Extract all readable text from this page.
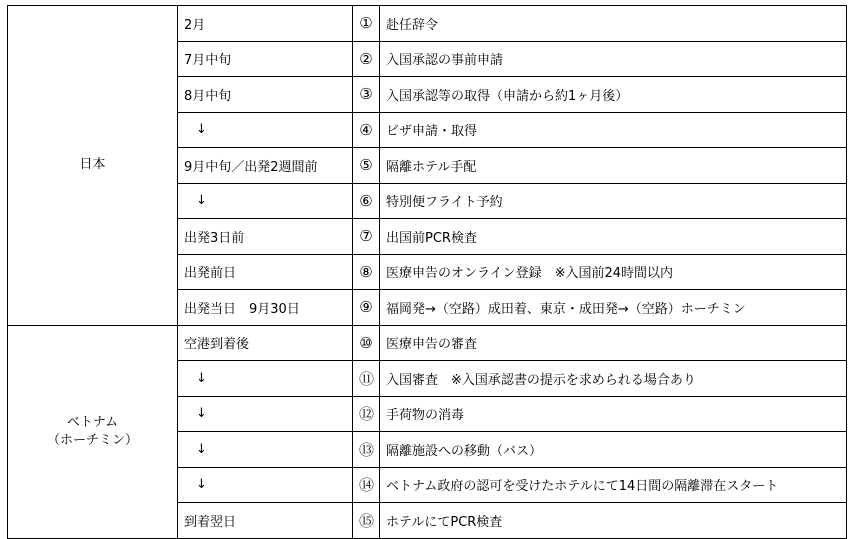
日本	2月	①	赴任辞令
	7月中旬	②	入国承認の事前申請
	8月中旬	③	入国承認等の取得（申請から約1ヶ月後）
	↓	④	ビザ申請・取得
	9月中旬／出発2週間前	⑤	隔離ホテル手配
	↓	⑥	特別便フライト予約
	出発3日前	⑦	出国前PCR検査
	出発前日	⑧	医療申告のオンライン登録　※入国前24時間以内
	出発当日　9月30日	⑨	福岡発→（空路）成田着、東京・成田発→（空路）ホーチミン
ベトナム
（ホーチミン）	空港到着後	⑩	医療申告の審査
	↓	⑪	入国審査　※入国承認書の提示を求められる場合あり
	↓	⑫	手荷物の消毒
	↓	⑬	隔離施設への移動（バス）
	↓	⑭	ベトナム政府の認可を受けたホテルにて14日間の隔離滞在スタート
	到着翌日	⑮	ホテルにてPCR検査
